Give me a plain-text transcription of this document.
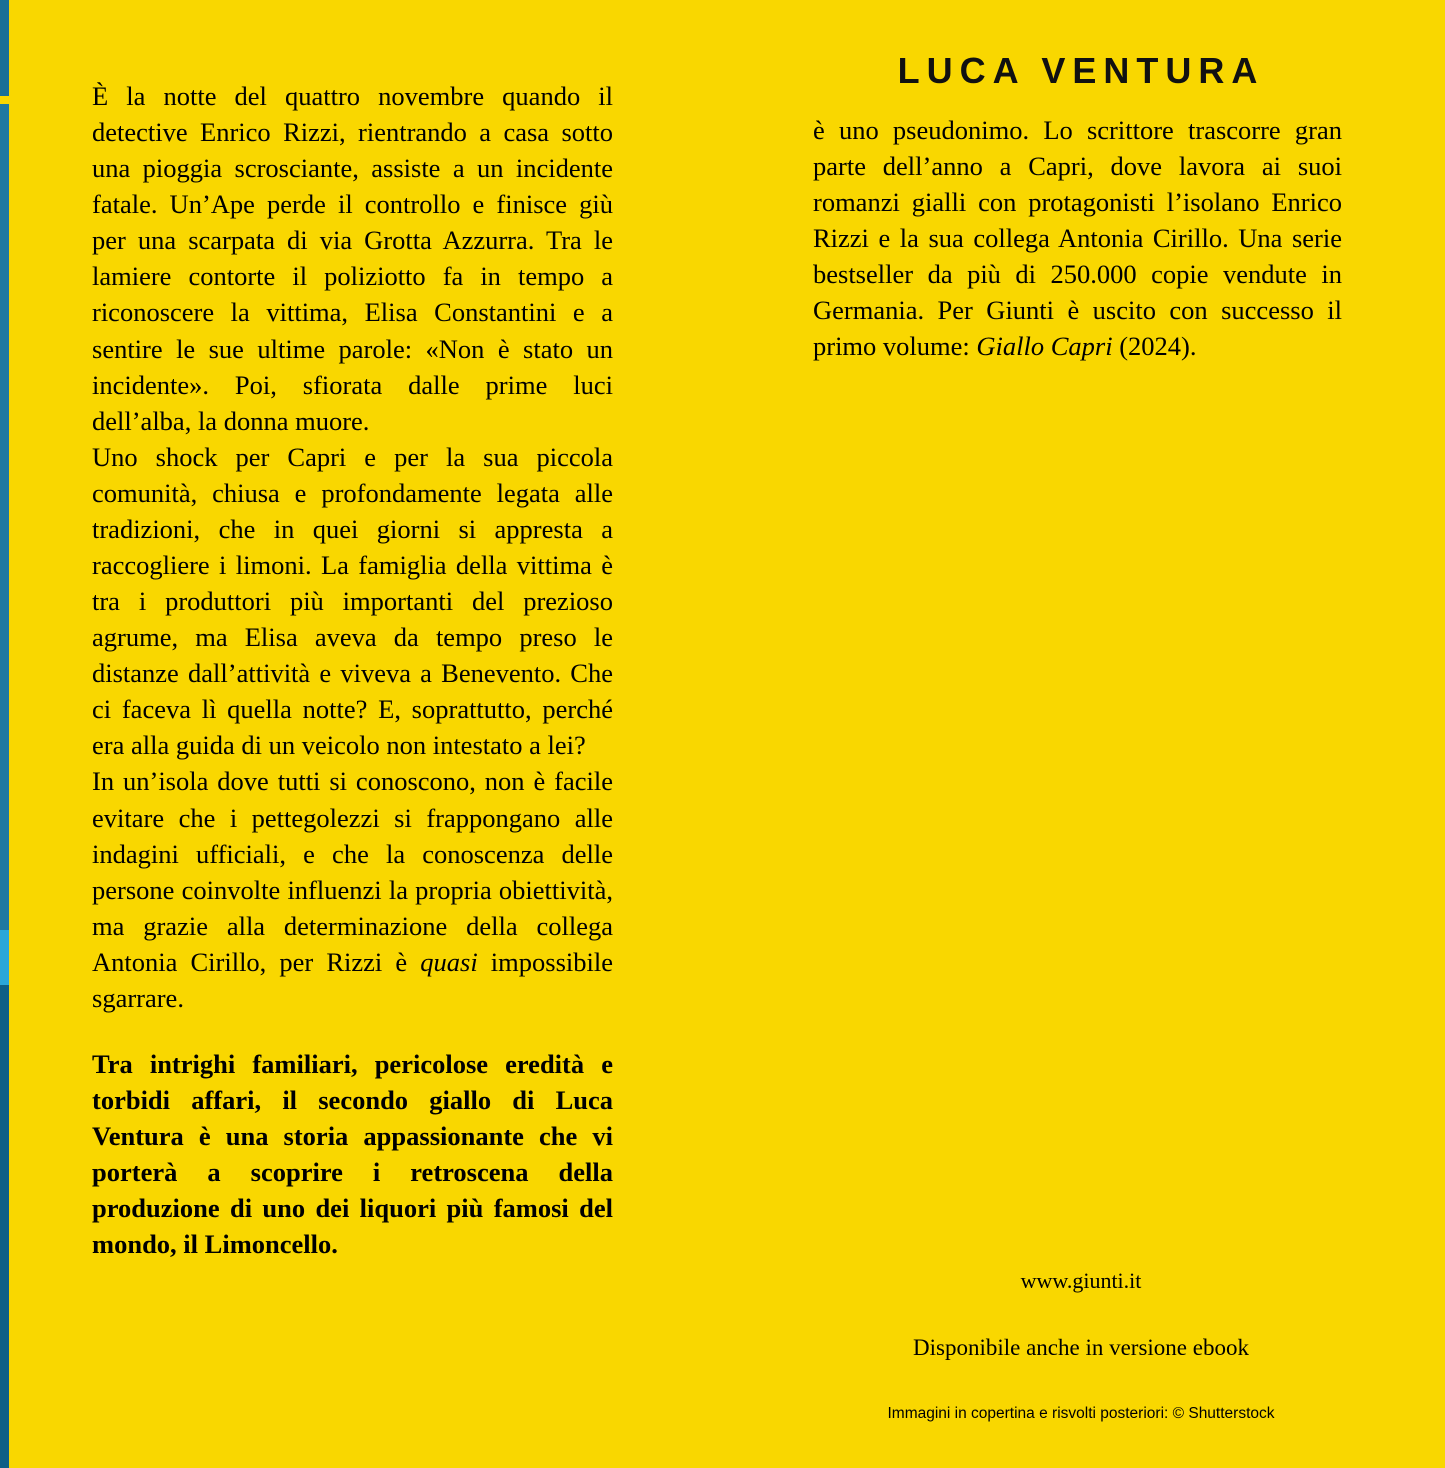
È la notte del quattro novembre quando il detective Enrico Rizzi, rientrando a casa sotto una pioggia scrosciante, assiste a un incidente fatale. Un’Ape perde il controllo e finisce giù per una scarpata di via Grotta Azzurra. Tra le lamiere contorte il poliziotto fa in tempo a riconoscere la vittima, Elisa Constantini e a sentire le sue ultime parole: «Non è stato un incidente». Poi, sfiorata dalle prime luci dell’alba, la donna muore.

Uno shock per Capri e per la sua piccola comunità, chiusa e profondamente legata alle tradizioni, che in quei giorni si appresta a raccogliere i limoni. La famiglia della vittima è tra i produttori più importanti del prezioso agrume, ma Elisa aveva da tempo preso le distanze dall’attività e viveva a Benevento. Che ci faceva lì quella notte? E, soprattutto, perché era alla guida di un veicolo non intestato a lei?

In un’isola dove tutti si conoscono, non è facile evitare che i pettegolezzi si frappongano alle indagini ufficiali, e che la conoscenza delle persone coinvolte influenzi la propria obiettività, ma grazie alla determinazione della collega Antonia Cirillo, per Rizzi è quasi impossibile sgarrare.

Tra intrighi familiari, pericolose eredità e torbidi affari, il secondo giallo di Luca Ventura è una storia appassionante che vi porterà a scoprire i retroscena della produzione di uno dei liquori più famosi del mondo, il Limoncello.

LUCA VENTURA
è uno pseudonimo. Lo scrittore trascorre gran parte dell’anno a Capri, dove lavora ai suoi romanzi gialli con protagonisti l’isolano Enrico Rizzi e la sua collega Antonia Cirillo. Una serie bestseller da più di 250.000 copie vendute in Germania. Per Giunti è uscito con successo il primo volume: Giallo Capri (2024).
www.giunti.it
Disponibile anche in versione ebook
Immagini in copertina e risvolti posteriori: © Shutterstock
